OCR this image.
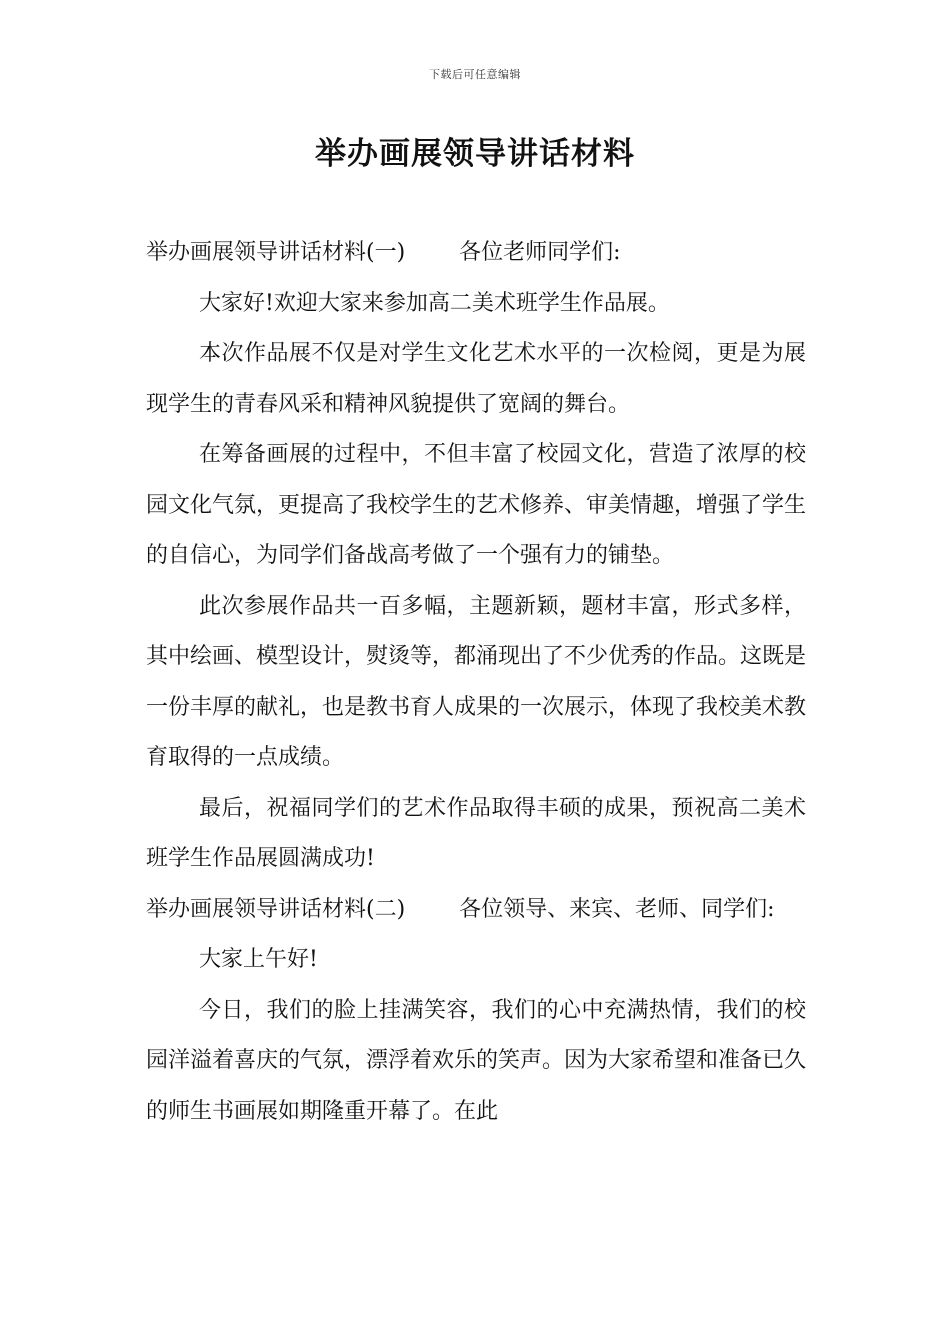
下载后可任意编辑
举办画展领导讲话材料

举办画展领导讲话材料(一) 各位老师同学们:

大家好!欢迎大家来参加高二美术班学生作品展。

本次作品展不仅是对学生文化艺术水平的一次检阅，更是为展现学生的青春风采和精神风貌提供了宽阔的舞台。

在筹备画展的过程中，不但丰富了校园文化，营造了浓厚的校园文化气氛，更提高了我校学生的艺术修养、审美情趣，增强了学生的自信心，为同学们备战高考做了一个强有力的铺垫。

此次参展作品共一百多幅，主题新颖，题材丰富，形式多样，其中绘画、模型设计，熨烫等，都涌现出了不少优秀的作品。这既是一份丰厚的献礼，也是教书育人成果的一次展示，体现了我校美术教育取得的一点成绩。

最后，祝福同学们的艺术作品取得丰硕的成果，预祝高二美术班学生作品展圆满成功!

举办画展领导讲话材料(二) 各位领导、来宾、老师、同学们:

大家上午好!

今日，我们的脸上挂满笑容，我们的心中充满热情，我们的校园洋溢着喜庆的气氛，漂浮着欢乐的笑声。因为大家希望和准备已久的师生书画展如期隆重开幕了。在此
